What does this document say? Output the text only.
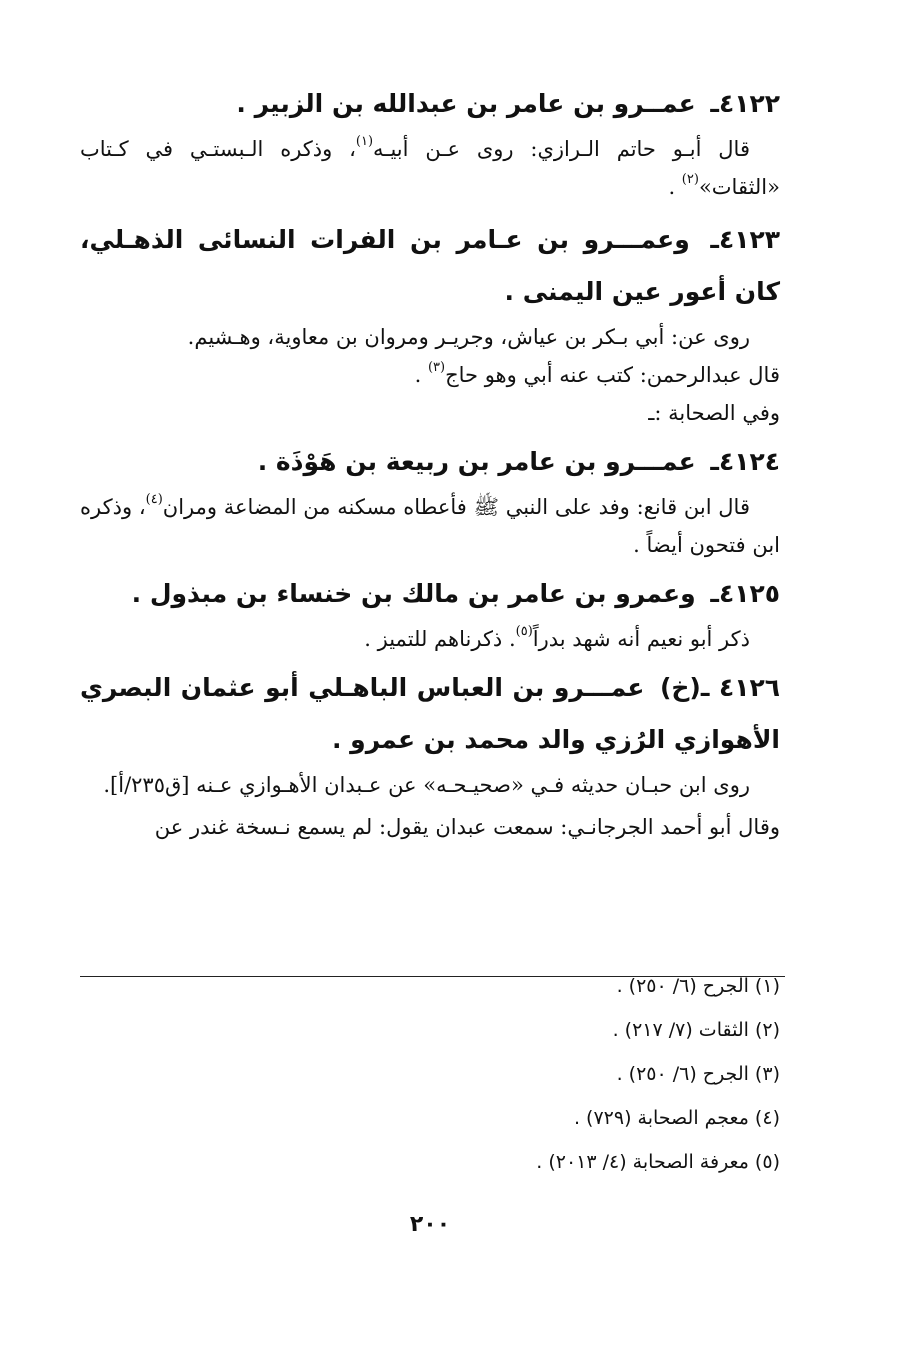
٤١٢٢ـ عمــرو بن عامر بن عبدالله بن الزبير .

قال أبـو حاتم الـرازي: روى عـن أبيـه$^{(١)}$، وذكره الـبستـي في كـتاب «الثقات»$^{(٢)}$ .

٤١٢٣ـ وعمـــرو بن عـامر بن الفرات النسائى الذهـلي، كان أعور عين اليمنى .

روى عن: أبي بـكر بن عياش، وجريـر ومروان بن معاوية، وهـشيم.

قال عبدالرحمن: كتب عنه أبي وهو حاج$^{(٣)}$ .

وفي الصحابة :ـ

٤١٢٤ـ عمـــرو بن عامر بن ربيعة بن هَوْذَة .

قال ابن قانع: وفد على النبي ﷺ فأعطاه مسكنه من المضاعة ومران$^{(٤)}$، وذكره ابن فتحون أيضاً .

٤١٢٥ـ وعمرو بن عامر بن مالك بن خنساء بن مبذول .

ذكر أبو نعيم أنه شهد بدراً$^{(٥)}$. ذكرناهم للتميز .

٤١٢٦ ـ(خ) عمـــرو بن العباس الباهـلي أبو عثمان البصري الأهوازي الرُزي والد محمد بن عمرو .

روى ابن حبـان حديثه فـي «صحيـحـه» عن عـبدان الأهـوازي عـنه [ق٢٣٥/أ].

وقال أبو أحمد الجرجانـي: سمعت عبدان يقول: لم يسمع نـسخة غندر عن

(١) الجرح (٦/ ٢٥٠) .
(٢) الثقات (٧/ ٢١٧) .
(٣) الجرح (٦/ ٢٥٠) .
(٤) معجم الصحابة (٧٢٩) .
(٥) معرفة الصحابة (٤/ ٢٠١٣) .
٢٠٠
